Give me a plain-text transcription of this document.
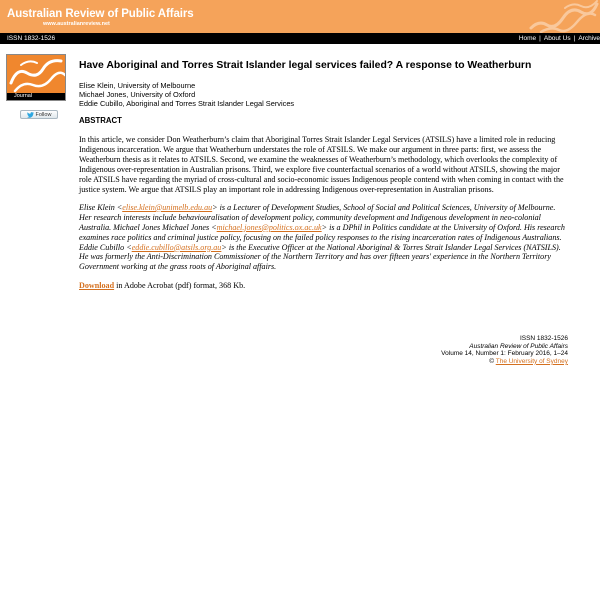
Australian Review of Public Affairs
www.australianreview.net
ISSN 1832-1526	Home | About Us | Archive
Journal
Follow
Have Aboriginal and Torres Strait Islander legal services failed? A response to Weatherburn
Elise Klein, University of Melbourne
Michael Jones, University of Oxford
Eddie Cubillo, Aboriginal and Torres Strait Islander Legal Services
ABSTRACT

In this article, we consider Don Weatherburn’s claim that Aboriginal Torres Strait Islander Legal Services (ATSILS) have a limited role in reducing Indigenous incarceration. We argue that Weatherburn understates the role of ATSILS. We make our argument in three parts: first, we assess the Weatherburn thesis as it relates to ATSILS. Second, we examine the weaknesses of Weatherburn’s methodology, which overlooks the complexity of Indigenous over-representation in Australian prisons. Third, we explore five counterfactual scenarios of a world without ATSILS, showing the major role ATSILS have regarding the myriad of cross-cultural and socio-economic issues Indigenous people contend with when coming in contact with the justice system. We argue that ATSILS play an important role in addressing Indigenous over-representation in Australian prisons.

Elise Klein <elise.klein@unimelb.edu.au> is a Lecturer of Development Studies, School of Social and Political Sciences, University of Melbourne. Her research interests include behaviouralisation of development policy, community development and Indigenous development in neo-colonial Australia. Michael Jones Michael Jones <michael.jones@politics.ox.ac.uk> is a DPhil in Politics candidate at the University of Oxford. His research examines race politics and criminal justice policy, focusing on the failed policy responses to the rising incarceration rates of Indigenous Australians. Eddie Cubillo <eddie.cubillo@atsils.org.au> is the Executive Officer at the National Aboriginal & Torres Strait Islander Legal Services (NATSILS). He was formerly the Anti-Discrimination Commissioner of the Northern Territory and has over fifteen years' experience in the Northern Territory Government working at the grass roots of Aboriginal affairs.

Download in Adobe Acrobat (pdf) format, 368 Kb.

ISSN 1832-1526
Australian Review of Public Affairs
Volume 14, Number 1: February 2016, 1–24
© The University of Sydney
